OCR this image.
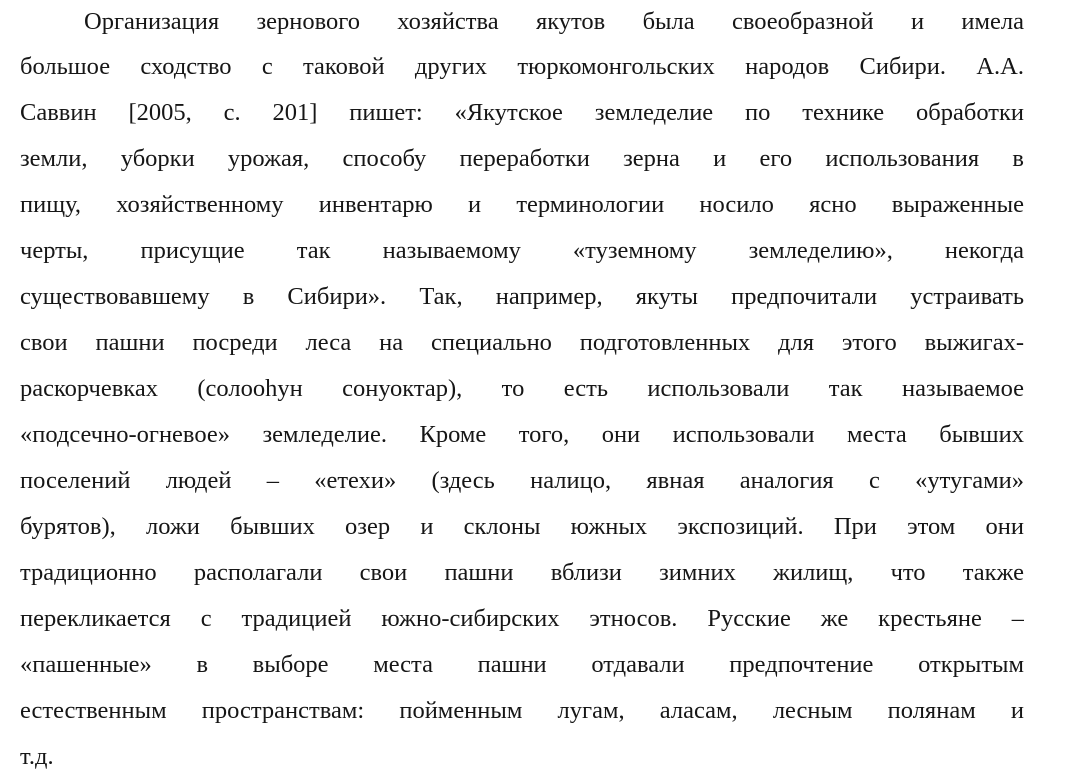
Организация зернового хозяйства якутов была своеобразной и имела
большое сходство с таковой других тюркомонгольских народов Сибири. А.А.
Саввин [2005, с. 201] пишет: «Якутское земледелие по технике обработки
земли, уборки урожая, способу переработки зерна и его использования в
пищу, хозяйственному инвентарю и терминологии носило ясно выраженные
черты, присущие так называемому «туземному земледелию», некогда
существовавшему в Сибири». Так, например, якуты предпочитали устраивать
свои пашни посреди леса на специально подготовленных для этого выжигах-
раскорчевках (солооһун сонуоктар), то есть использовали так называемое
«подсечно-огневое» земледелие. Кроме того, они использовали места бывших
поселений людей – «етехи» (здесь налицо, явная аналогия с «утугами»
бурятов), ложи бывших озер и склоны южных экспозиций. При этом они
традиционно располагали свои пашни вблизи зимних жилищ, что также
перекликается с традицией южно-сибирских этносов. Русские же крестьяне –
«пашенные» в выборе места пашни отдавали предпочтение открытым
естественным пространствам: пойменным лугам, аласам, лесным полянам и
т.д.
